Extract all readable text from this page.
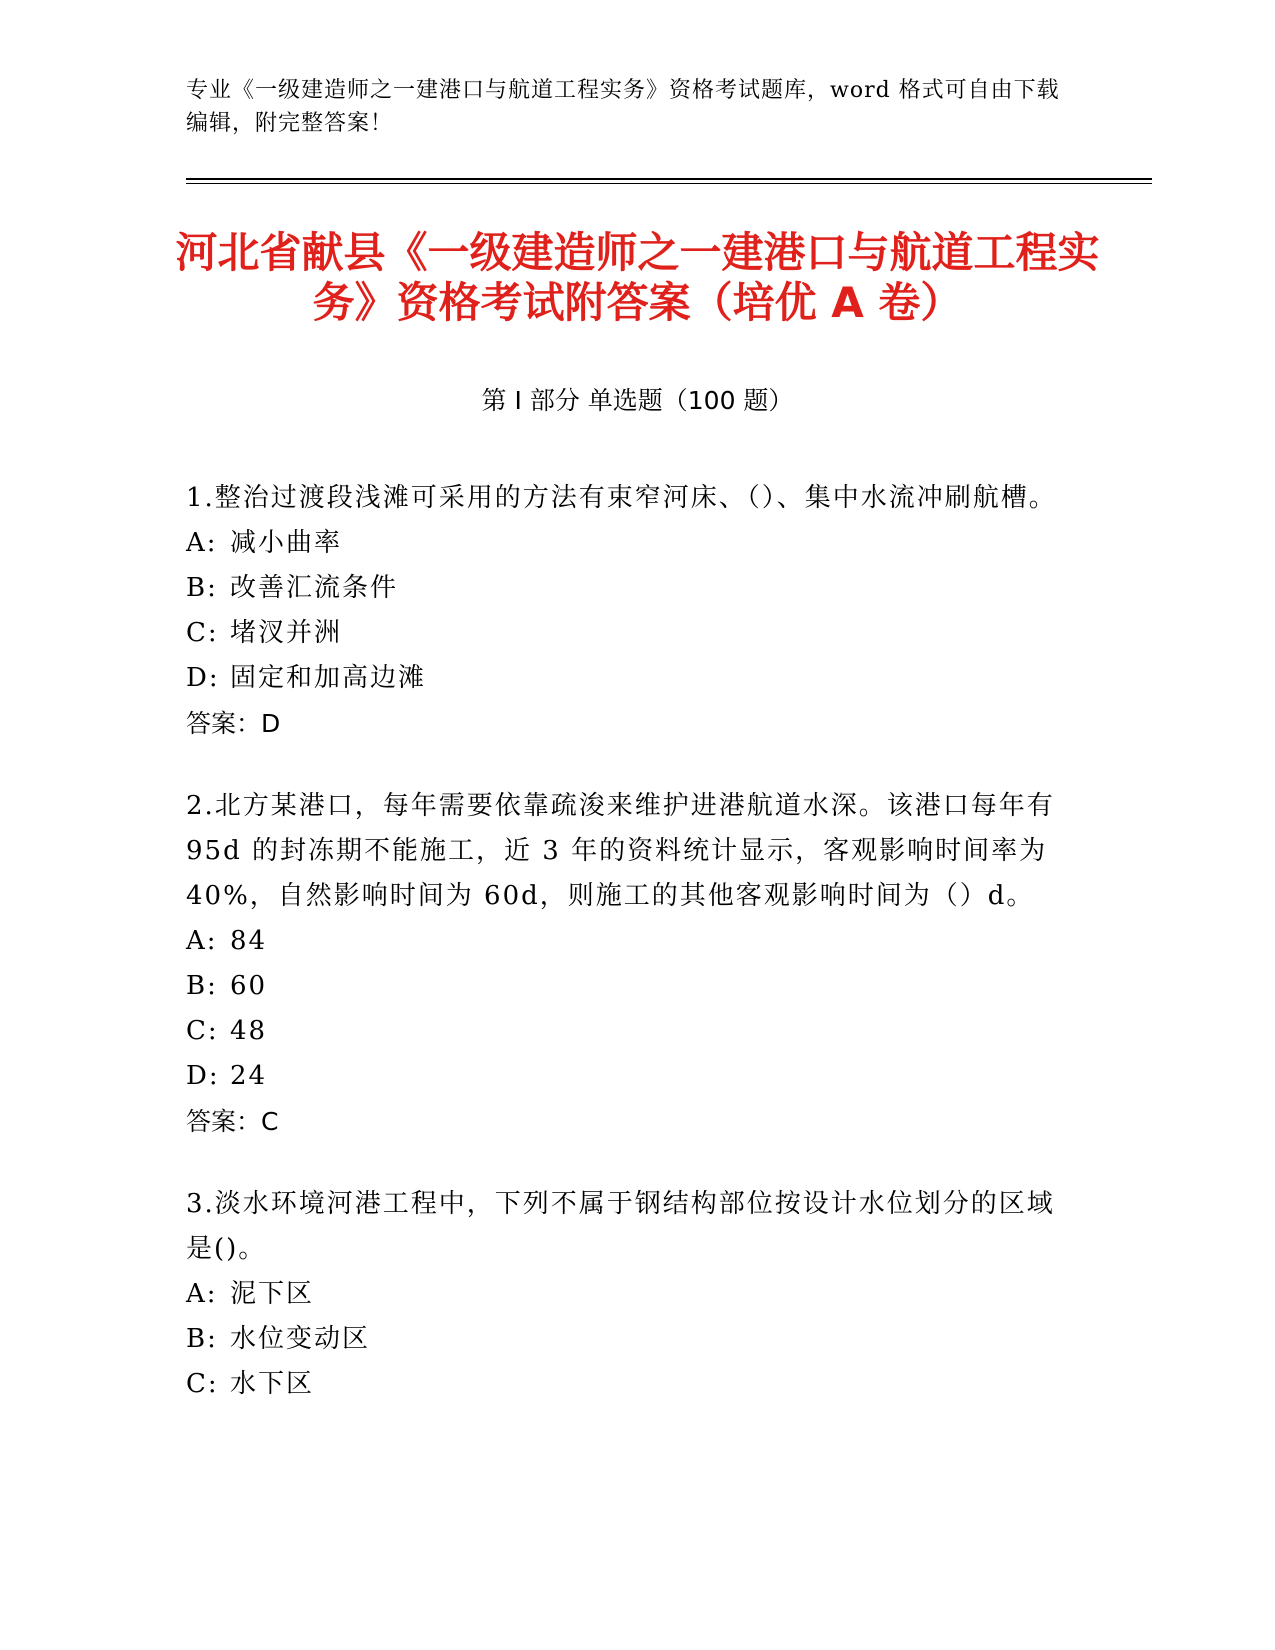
专业《一级建造师之一建港口与航道工程实务》资格考试题库，word 格式可自由下载编辑，附完整答案！
河北省献县《一级建造师之一建港口与航道工程实务》资格考试附答案（培优 A 卷）
第 I 部分 单选题（100 题）

1.整治过渡段浅滩可采用的方法有束窄河床、（）、集中水流冲刷航槽。

A: 减小曲率

B: 改善汇流条件

C: 堵汊并洲

D: 固定和加高边滩

答案：D

2.北方某港口，每年需要依靠疏浚来维护进港航道水深。该港口每年有 95d 的封冻期不能施工，近 3 年的资料统计显示，客观影响时间率为 40%，自然影响时间为 60d，则施工的其他客观影响时间为（）d。

A: 84

B: 60

C: 48

D: 24

答案：C

3.淡水环境河港工程中，下列不属于钢结构部位按设计水位划分的区域是()。

A: 泥下区

B: 水位变动区

C: 水下区
